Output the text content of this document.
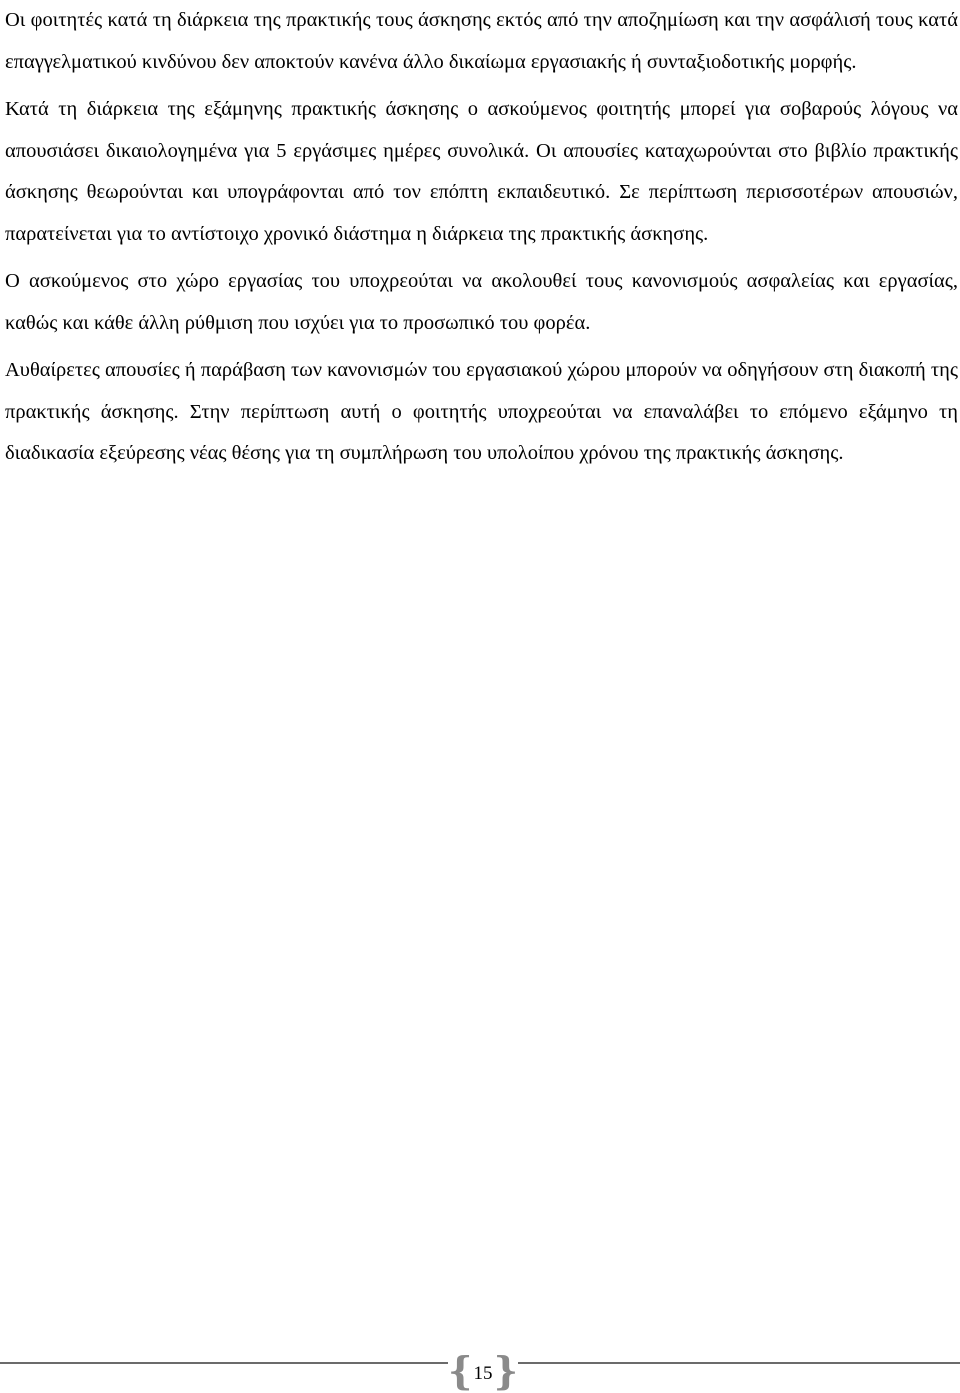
Οι φοιτητές κατά τη διάρκεια της πρακτικής τους άσκησης εκτός από την αποζημίωση και την ασφάλισή τους κατά επαγγελματικού κινδύνου δεν αποκτούν κανένα άλλο δικαίωμα εργασιακής ή συνταξιοδοτικής μορφής.

Κατά τη διάρκεια της εξάμηνης πρακτικής άσκησης ο ασκούμενος φοιτητής μπορεί για σοβαρούς λόγους να απουσιάσει δικαιολογημένα για 5 εργάσιμες ημέρες συνολικά. Οι απουσίες καταχωρούνται στο βιβλίο πρακτικής άσκησης θεωρούνται και υπογράφονται από τον επόπτη εκπαιδευτικό. Σε περίπτωση περισσοτέρων απουσιών, παρατείνεται για το αντίστοιχο χρονικό διάστημα η διάρκεια της πρακτικής άσκησης.

Ο ασκούμενος στο χώρο εργασίας του υποχρεούται να ακολουθεί τους κανονισμούς ασφαλείας και εργασίας, καθώς και κάθε άλλη ρύθμιση που ισχύει για το προσωπικό του φορέα.

Αυθαίρετες απουσίες ή παράβαση των κανονισμών του εργασιακού χώρου μπορούν να οδηγήσουν στη διακοπή της πρακτικής άσκησης. Στην περίπτωση αυτή ο φοιτητής υποχρεούται να επαναλάβει το επόμενο εξάμηνο τη διαδικασία εξεύρεσης νέας θέσης για τη συμπλήρωση του υπολοίπου χρόνου της πρακτικής άσκησης.

{ 15 }
